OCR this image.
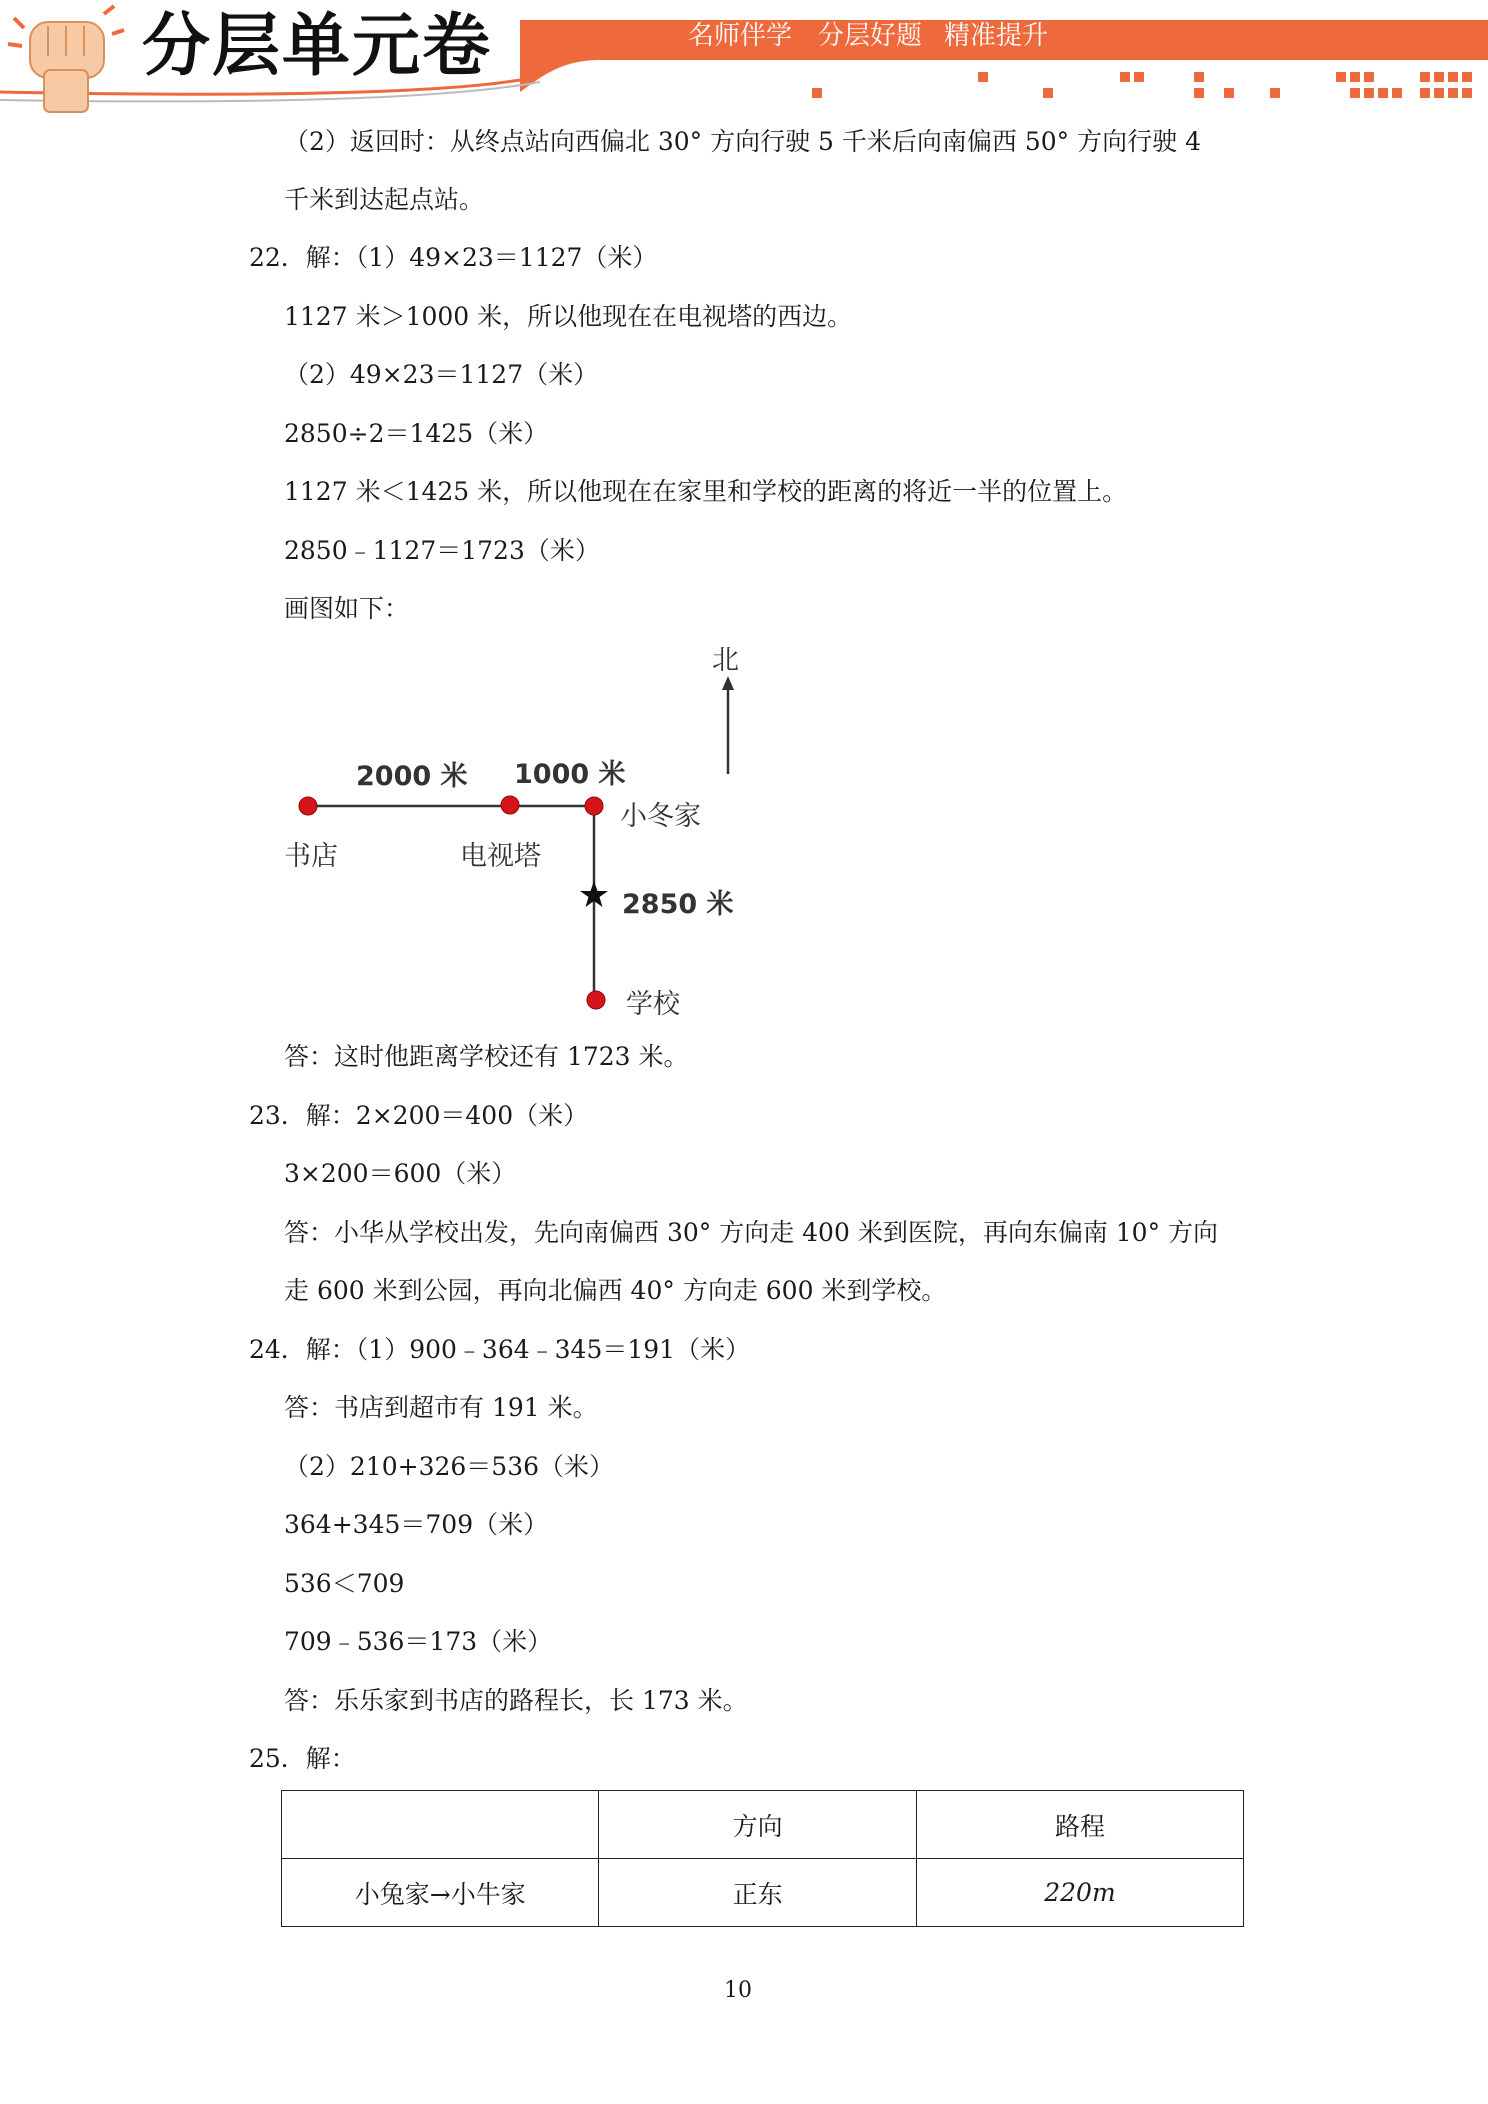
分层单元卷	名师伴学 分层好题 精准提升
（2）返回时：从终点站向西偏北 30° 方向行驶 5 千米后向南偏西 50° 方向行驶 4
千米到达起点站。
22．解：（1）49×23＝1127（米）
1127 米＞1000 米，所以他现在在电视塔的西边。
（2）49×23＝1127（米）
2850÷2＝1425（米）
1127 米＜1425 米，所以他现在在家里和学校的距离的将近一半的位置上。
2850﹣1127＝1723（米）
画图如下：
北
2000 米 1000 米
小冬家
书店	电视塔
2850 米
学校
答：这时他距离学校还有 1723 米。
23．解：2×200＝400（米）
3×200＝600（米）
答：小华从学校出发，先向南偏西 30° 方向走 400 米到医院，再向东偏南 10° 方向
走 600 米到公园，再向北偏西 40° 方向走 600 米到学校。
24．解：（1）900﹣364﹣345＝191（米）
答：书店到超市有 191 米。
（2）210+326＝536（米）
364+345＝709（米）
536＜709
709﹣536＝173（米）
答：乐乐家到书店的路程长，长 173 米。
25．解：
	方向	路程
小兔家→小牛家	正东	220m
10
